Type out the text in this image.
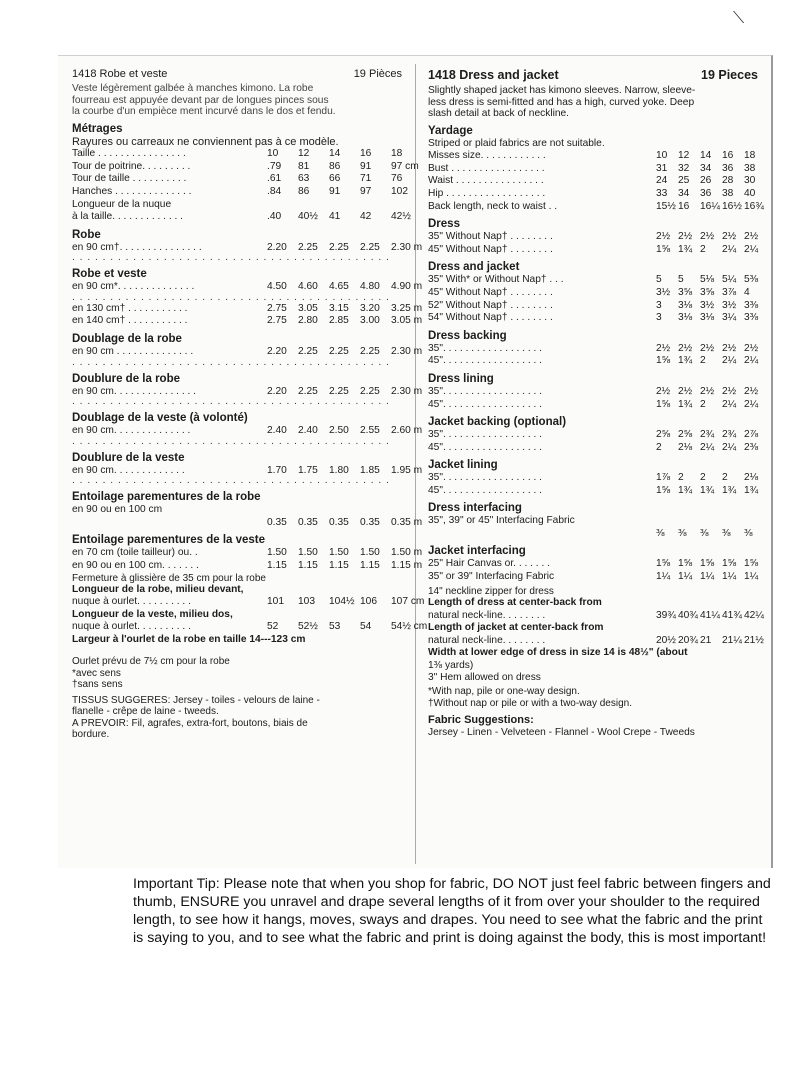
⟍
1418 Robe et veste	19 Pièces
Veste légèrement galbée à manches kimono. La robe
fourreau est appuyée devant par de longues pinces sous
la courbe d'un empièce ment incurvé dans le dos et fendu.
Métrages
Rayures ou carreaux ne conviennent pas à ce modèle.
Taille . . . . . . . . . . . . . . . .	10	12	14	16	18
Tour de poitrine. . . . . . . . .	.79	81	86	91	97 cm
Tour de taille . . . . . . . . . .	.61	63	66	71	76
Hanches . . . . . . . . . . . . . .	.84	86	91	97	102
Longueur de la nuque
à la taille. . . . . . . . . . . . .	.40	40½	41	42	42½
Robe
en 90 cm†. . . . . . . . . . . . . . .	2.20	2.25	2.25	2.25	2.30 m
. . . . . . . . . . . . . . . . . . . . . . . . . . . . . . . . . . . . . . . . . .
Robe et veste
en 90 cm*. . . . . . . . . . . . . .	4.50	4.60	4.65	4.80	4.90 m
. . . . . . . . . . . . . . . . . . . . . . . . . . . . . . . . . . . . . . . . . .
en 130 cm† . . . . . . . . . . .	2.75	3.05	3.15	3.20	3.25 m
en 140 cm† . . . . . . . . . . .	2.75	2.80	2.85	3.00	3.05 m
Doublage de la robe
en 90 cm . . . . . . . . . . . . . .	2.20	2.25	2.25	2.25	2.30 m
. . . . . . . . . . . . . . . . . . . . . . . . . . . . . . . . . . . . . . . . . .
Doublure de la robe
en 90 cm. . . . . . . . . . . . . . .	2.20	2.25	2.25	2.25	2.30 m
. . . . . . . . . . . . . . . . . . . . . . . . . . . . . . . . . . . . . . . . . .
Doublage de la veste (à volonté)
en 90 cm. . . . . . . . . . . . . .	2.40	2.40	2.50	2.55	2.60 m
. . . . . . . . . . . . . . . . . . . . . . . . . . . . . . . . . . . . . . . . . .
Doublure de la veste
en 90 cm. . . . . . . . . . . . .	1.70	1.75	1.80	1.85	1.95 m
. . . . . . . . . . . . . . . . . . . . . . . . . . . . . . . . . . . . . . . . . .
Entoilage parementures de la robe
en 90 ou en 100 cm
0.35	0.35	0.35	0.35	0.35 m
Entoilage parementures de la veste
en 70 cm (toile tailleur) ou. .	1.50	1.50	1.50	1.50	1.50 m
en 90 ou en 100 cm. . . . . . .	1.15	1.15	1.15	1.15	1.15 m
Fermeture à glissière de 35 cm pour la robe
Longueur de la robe, milieu devant,
nuque à ourlet. . . . . . . . . .	101	103	104½ 106	107 cm
Longueur de la veste, milieu dos,
nuque à ourlet. . . . . . . . . .	52	52½	53	54	54½ cm
Largeur à l'ourlet de la robe en taille 14---123 cm
Ourlet prévu de 7½ cm pour la robe
*avec sens
†sans sens
TISSUS SUGGERES: Jersey - toiles - velours de laine -
flanelle - crêpe de laine - tweeds.
A PREVOIR: Fil, agrafes, extra-fort, boutons, biais de
bordure.
1418 Dress and jacket	19 Pieces
Slightly shaped jacket has kimono sleeves. Narrow, sleeve-
less dress is semi-fitted and has a high, curved yoke. Deep
slash detail at back of neckline.
Yardage
Striped or plaid fabrics are not suitable.
Misses size. . . . . . . . . . . .	10	12	14	16	18
Bust . . . . . . . . . . . . . . . . .	31	32	34	36	38
Waist . . . . . . . . . . . . . . . .	24	25	26	28	30
Hip . . . . . . . . . . . . . . . . . .	33	34	36	38	40
Back length, neck to waist . .	15½ 16	16¼ 16½ 16¾
Dress
35" Without Nap† . . . . . . . .	2½ 2½ 2½ 2½ 2½
45" Without Nap† . . . . . . . .	1⅝ 1¾ 2	2¼ 2¼
Dress and jacket
35" With* or Without Nap† . . .	5	5	5⅛ 5¼ 5⅜
45" Without Nap† . . . . . . . .	3½ 3⅝ 3⅝ 3⅞ 4
52" Without Nap† . . . . . . . .	3	3⅛ 3½ 3½ 3⅜
54" Without Nap† . . . . . . . .	3	3⅛ 3⅛ 3¼ 3⅜
Dress backing
35". . . . . . . . . . . . . . . . . .	2½ 2½ 2½ 2½ 2½
45". . . . . . . . . . . . . . . . . .	1⅝ 1¾ 2	2¼ 2¼
Dress lining
35". . . . . . . . . . . . . . . . . .	2½ 2½ 2½ 2½ 2½
45". . . . . . . . . . . . . . . . . .	1⅝ 1¾ 2	2¼ 2¼
Jacket backing (optional)
35". . . . . . . . . . . . . . . . . .	2⅝ 2⅝ 2¾ 2¾ 2⅞
45". . . . . . . . . . . . . . . . . .	2	2⅛ 2¼ 2¼ 2⅜
Jacket lining
35". . . . . . . . . . . . . . . . . .	1⅞ 2	2	2	2⅛
45". . . . . . . . . . . . . . . . . .	1⅝ 1¾ 1¾ 1¾ 1¾
Dress interfacing
35", 39" or 45" Interfacing Fabric
⅜	⅜	⅜	⅜	⅜
Jacket interfacing
25" Hair Canvas or. . . . . . .	1⅝ 1⅝ 1⅝ 1⅝ 1⅝
35" or 39" Interfacing Fabric	1¼ 1¼ 1¼ 1¼ 1¼
14" neckline zipper for dress
Length of dress at center-back from
natural neck-line. . . . . . . .	39¾ 40¾ 41¼ 41¾ 42¼
Length of jacket at center-back from
natural neck-line. . . . . . . .	20½ 20¾ 21	21¼ 21½
Width at lower edge of dress in size 14 is 48½" (about
1⅜ yards)
3" Hem allowed on dress
*With nap, pile or one-way design.
†Without nap or pile or with a two-way design.
Fabric Suggestions:
Jersey - Linen - Velveteen - Flannel - Wool Crepe - Tweeds
Important Tip: Please note that when you shop for fabric, DO NOT just feel fabric between fingers and thumb, ENSURE you unravel and drape several lengths of it from over your shoulder to the required length, to see how it hangs, moves, sways and drapes. You need to see what the fabric and the print is saying to you, and to see what the fabric and print is doing against the body, this is most important!
